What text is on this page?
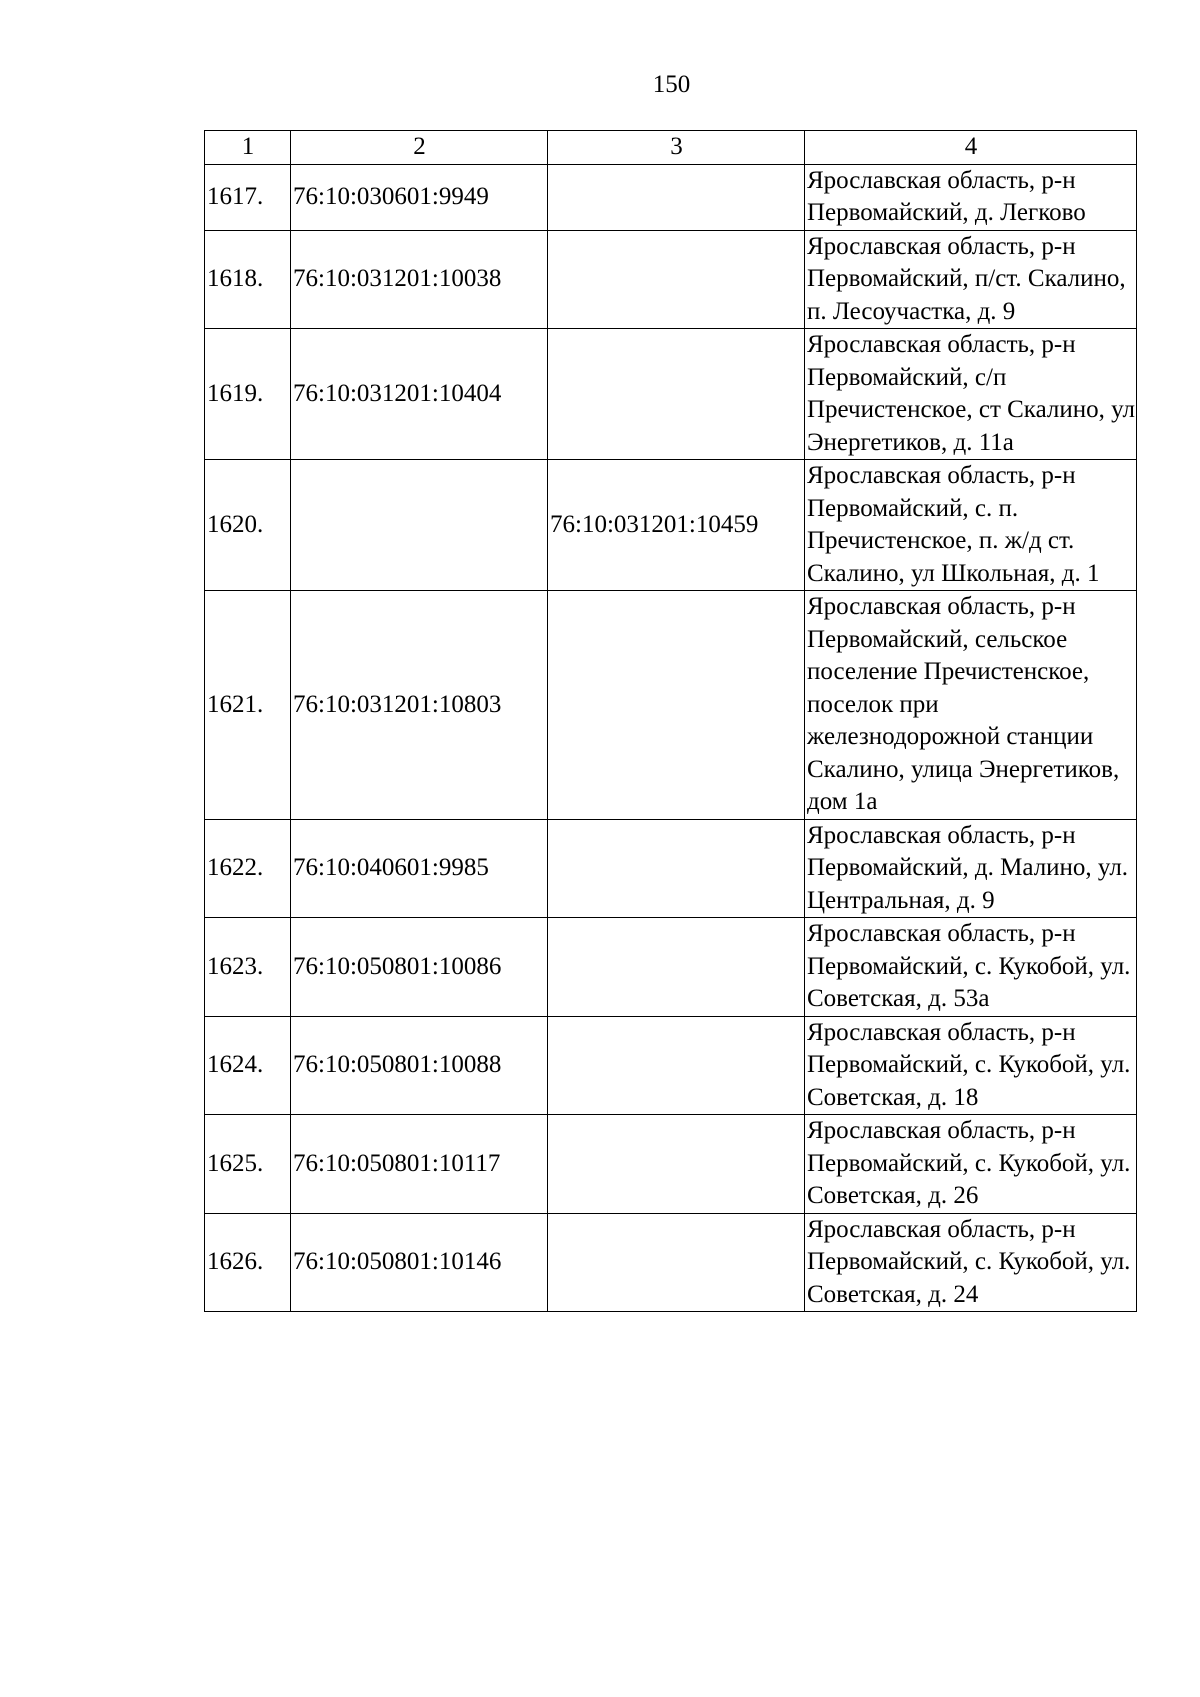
150
1	2	3	4
1617.	76:10:030601:9949		Ярославская область, р-н Первомайский, д. Легково
1618.	76:10:031201:10038		Ярославская область, р-н Первомайский, п/ст. Скалино, п. Лесоучастка, д. 9
1619.	76:10:031201:10404		Ярославская область, р-н Первомайский, с/п Пречистенское, ст Скалино, ул Энергетиков, д. 11а
1620.		76:10:031201:10459	Ярославская область, р-н Первомайский, с. п. Пречистенское, п. ж/д ст. Скалино, ул Школьная, д. 1
1621.	76:10:031201:10803		Ярославская область, р-н Первомайский, сельское поселение Пречистенское, поселок при железнодорожной станции Скалино, улица Энергетиков, дом 1а
1622.	76:10:040601:9985		Ярославская область, р-н Первомайский, д. Малино, ул. Центральная, д. 9
1623.	76:10:050801:10086		Ярославская область, р-н Первомайский, с. Кукобой, ул. Советская, д. 53а
1624.	76:10:050801:10088		Ярославская область, р-н Первомайский, с. Кукобой, ул. Советская, д. 18
1625.	76:10:050801:10117		Ярославская область, р-н Первомайский, с. Кукобой, ул. Советская, д. 26
1626.	76:10:050801:10146		Ярославская область, р-н Первомайский, с. Кукобой, ул. Советская, д. 24
